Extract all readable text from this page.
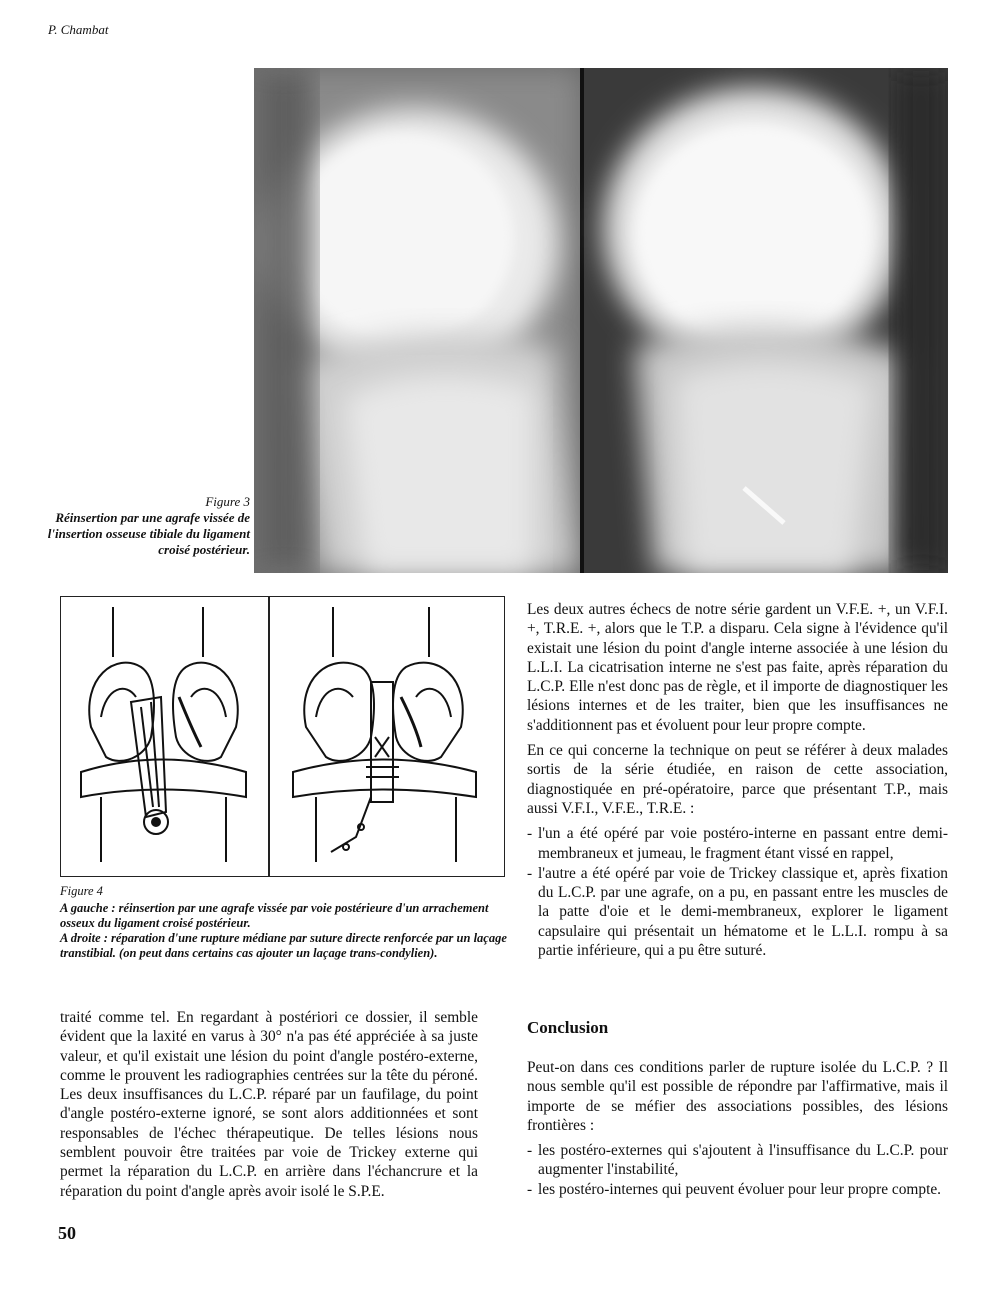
P. Chambat
Figure 3
Réinsertion par une agrafe vissée de l'insertion osseuse tibiale du ligament croisé postérieur.

Figure 4

A gauche : réinsertion par une agrafe vissée par voie postérieure d'un arrachement osseux du ligament croisé postérieur.

A droite : réparation d'une rupture médiane par suture directe renforcée par un laçage transtibial. (on peut dans certains cas ajouter un laçage trans-condylien).

traité comme tel. En regardant à postériori ce dossier, il semble évident que la laxité en varus à 30° n'a pas été appréciée à sa juste valeur, et qu'il existait une lésion du point d'angle postéro-externe, comme le prouvent les radiographies centrées sur la tête du péroné. Les deux insuffisances du L.C.P. réparé par un faufilage, du point d'angle postéro-externe ignoré, se sont alors additionnées et sont responsables de l'échec thérapeutique. De telles lésions nous semblent pouvoir être traitées par voie de Trickey externe qui permet la réparation du L.C.P. en arrière dans l'échancrure et la réparation du point d'angle après avoir isolé le S.P.E.

Les deux autres échecs de notre série gardent un V.F.E. +, un V.F.I. +, T.R.E. +, alors que le T.P. a disparu. Cela signe à l'évidence qu'il existait une lésion du point d'angle interne associée à une lésion du L.L.I. La cicatrisation interne ne s'est pas faite, après réparation du L.C.P. Elle n'est donc pas de règle, et il importe de diagnostiquer les lésions internes et de les traiter, bien que les insuffisances ne s'additionnent pas et évoluent pour leur propre compte.

En ce qui concerne la technique on peut se référer à deux malades sortis de la série étudiée, en raison de cette association, diagnostiquée en pré-opératoire, parce que présentant T.P., mais aussi V.F.I., V.F.E., T.R.E. :

- l'un a été opéré par voie postéro-interne en passant entre demi-membraneux et jumeau, le fragment étant vissé en rappel,
- l'autre a été opéré par voie de Trickey classique et, après fixation du L.C.P. par une agrafe, on a pu, en passant entre les muscles de la patte d'oie et le demi-membraneux, explorer le ligament capsulaire qui présentait un hématome et le L.L.I. rompu à sa partie inférieure, qui a pu être suturé.
Conclusion

Peut-on dans ces conditions parler de rupture isolée du L.C.P. ? Il nous semble qu'il est possible de répondre par l'affirmative, mais il importe de se méfier des associations possibles, des lésions frontières :

- les postéro-externes qui s'ajoutent à l'insuffisance du L.C.P. pour augmenter l'instabilité,
- les postéro-internes qui peuvent évoluer pour leur propre compte.
50
